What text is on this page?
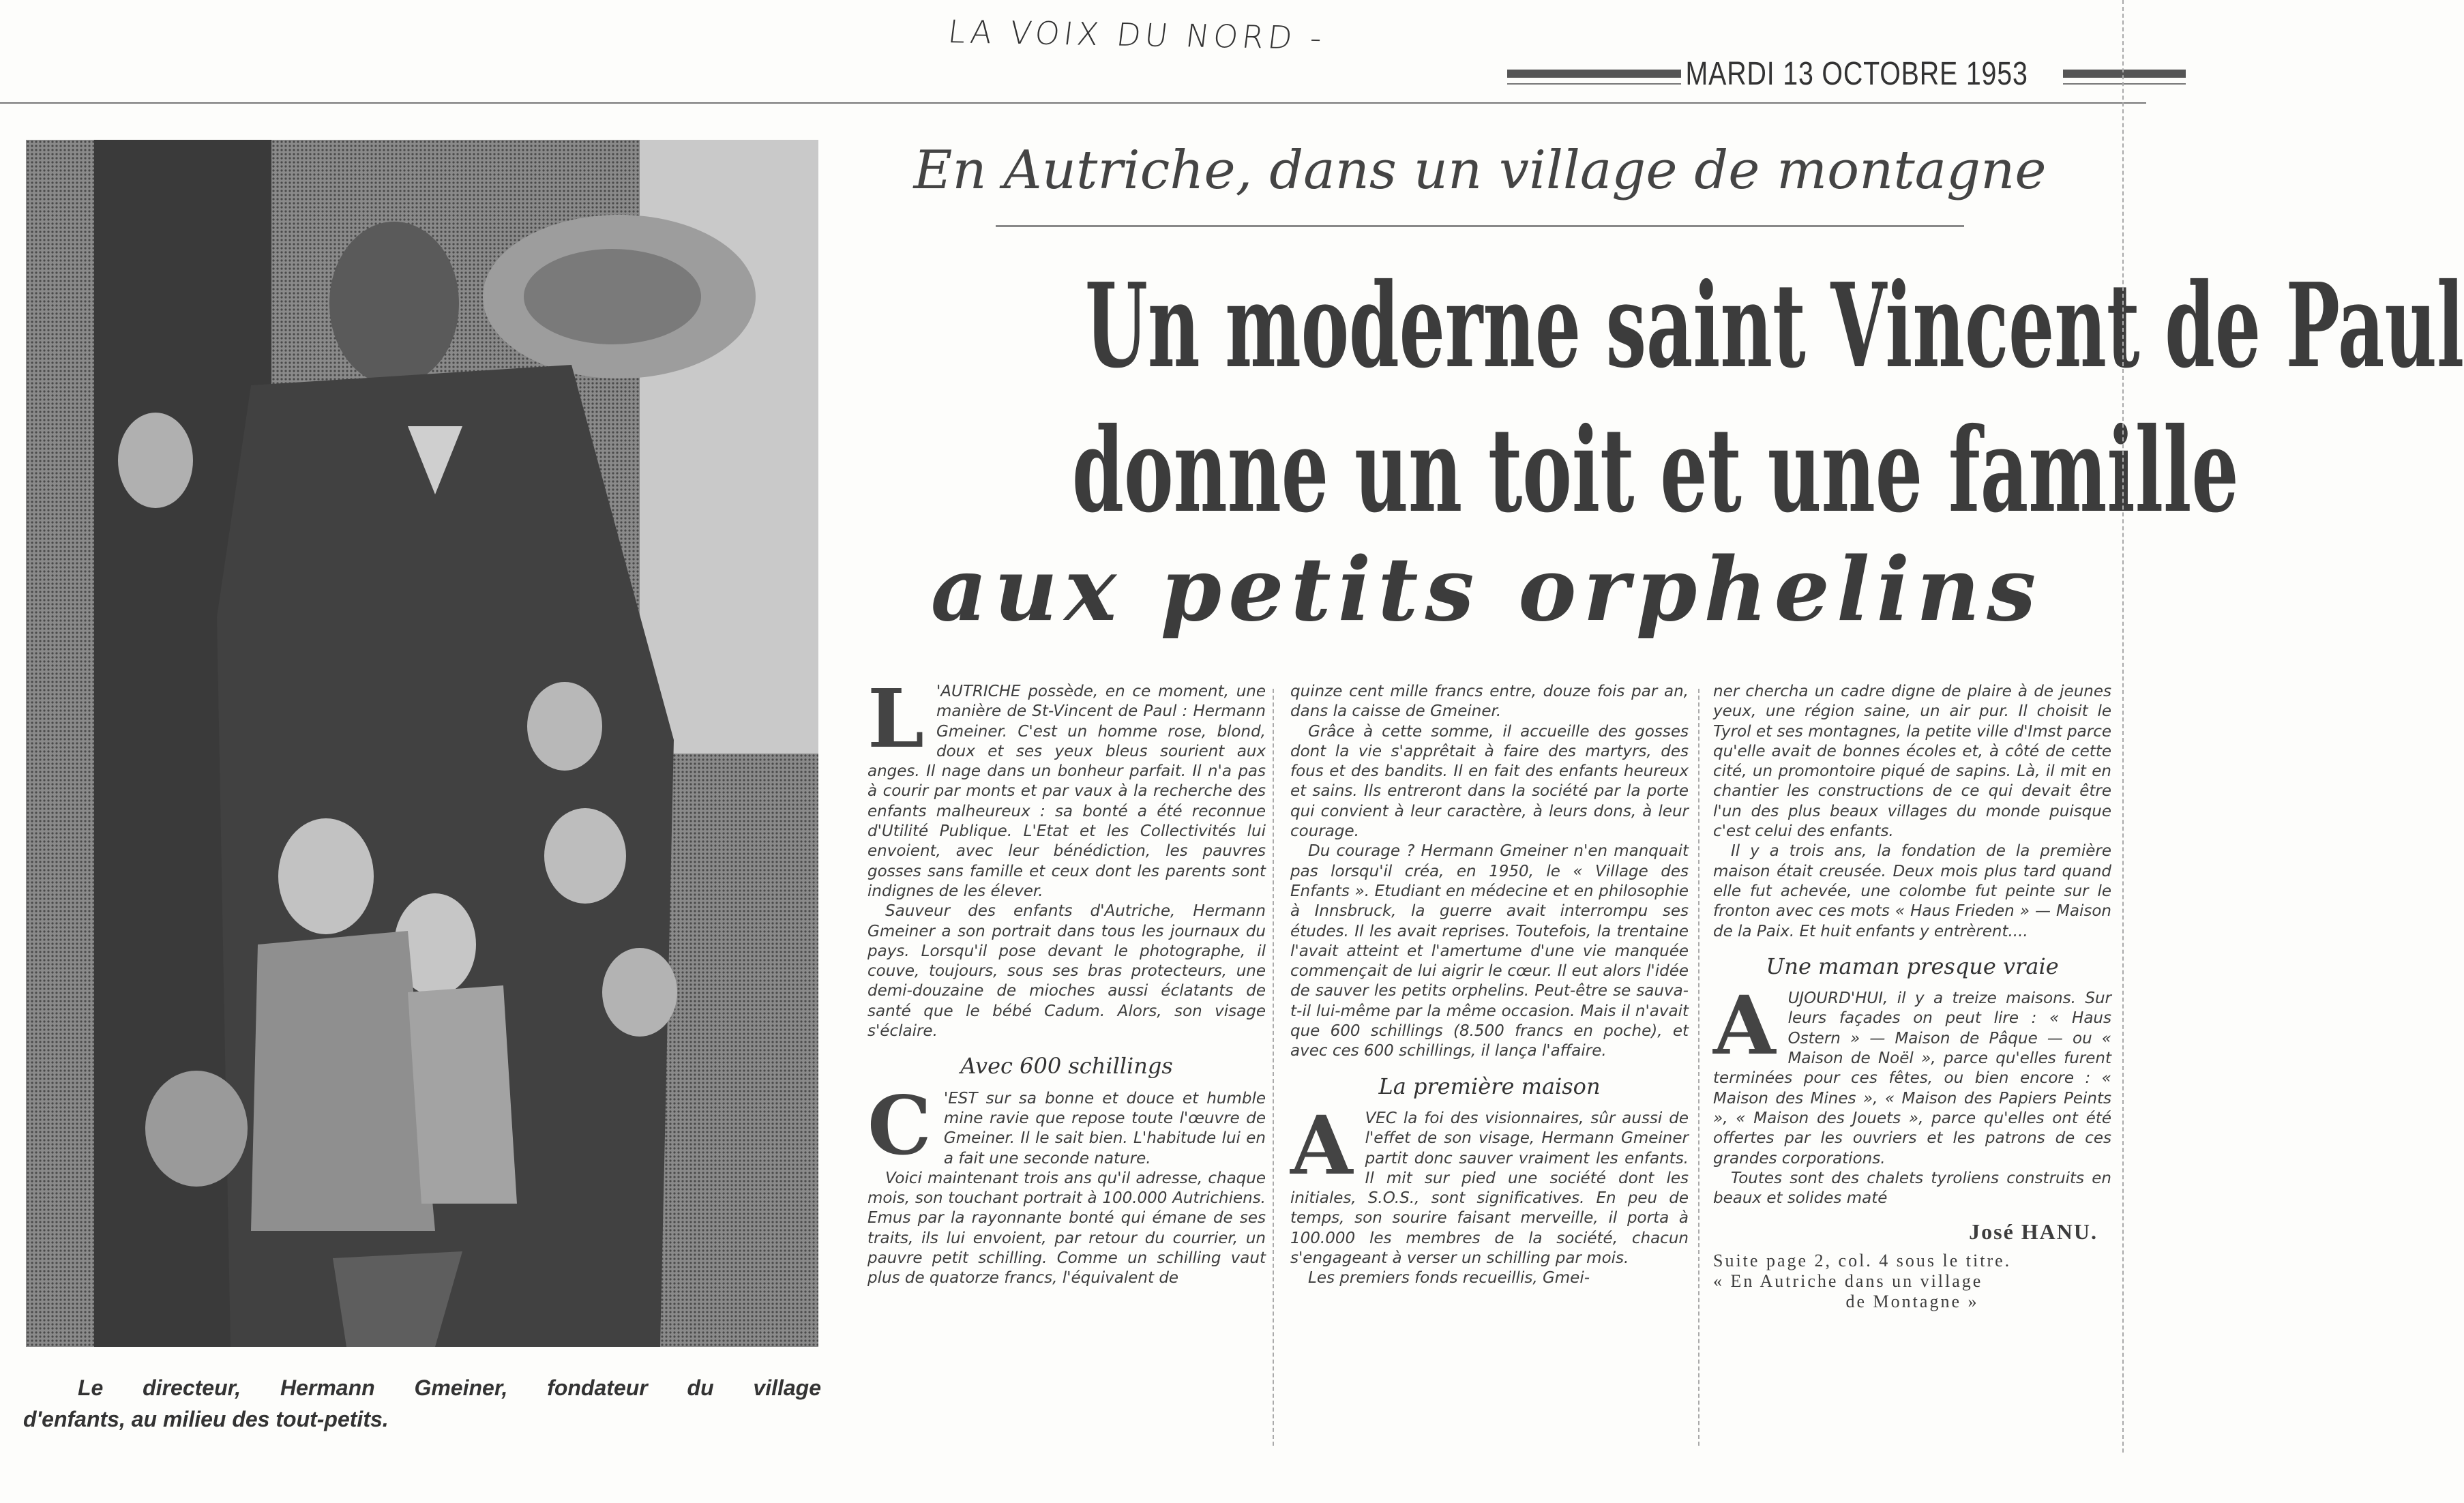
LA VOIX DU NORD -
MARDI 13 OCTOBRE 1953
Le directeur, Hermann Gmeiner, fondateur du village
d'enfants, au milieu des tout-petits.
En Autriche, dans un village de montagne
Un moderne saint Vincent de Paul
donne un toit et une famille
aux petits orphelins

L 'AUTRICHE possède, en ce moment, une manière de St-Vincent de Paul : Hermann Gmeiner. C'est un homme rose, blond, doux et ses yeux bleus sourient aux anges. Il nage dans un bonheur parfait. Il n'a pas à courir par monts et par vaux à la recherche des enfants malheureux : sa bonté a été reconnue d'Utilité Publique. L'Etat et les Collectivités lui envoient, avec leur bénédiction, les pauvres gosses sans famille et ceux dont les parents sont indignes de les élever.

Sauveur des enfants d'Autriche, Hermann Gmeiner a son portrait dans tous les journaux du pays. Lorsqu'il pose devant le photographe, il couve, toujours, sous ses bras protecteurs, une demi-douzaine de mioches aussi éclatants de santé que le bébé Cadum. Alors, son visage s'éclaire.

Avec 600 schillings

C 'EST sur sa bonne et douce et humble mine ravie que repose toute l'œuvre de Gmeiner. Il le sait bien. L'habitude lui en a fait une seconde nature.

Voici maintenant trois ans qu'il adresse, chaque mois, son touchant portrait à 100.000 Autrichiens. Emus par la rayonnante bonté qui émane de ses traits, ils lui envoient, par retour du courrier, un pauvre petit schilling. Comme un schilling vaut plus de quatorze francs, l'équivalent de

quinze cent mille francs entre, douze fois par an, dans la caisse de Gmeiner.

Grâce à cette somme, il accueille des gosses dont la vie s'apprêtait à faire des martyrs, des fous et des bandits. Il en fait des enfants heureux et sains. Ils entreront dans la société par la porte qui convient à leur caractère, à leurs dons, à leur courage.

Du courage ? Hermann Gmeiner n'en manquait pas lorsqu'il créa, en 1950, le « Village des Enfants ». Etudiant en médecine et en philosophie à Innsbruck, la guerre avait interrompu ses études. Il les avait reprises. Toutefois, la trentaine l'avait atteint et l'amertume d'une vie manquée commençait de lui aigrir le cœur. Il eut alors l'idée de sauver les petits orphelins. Peut-être se sauva-t-il lui-même par la même occasion. Mais il n'avait que 600 schillings (8.500 francs en poche), et avec ces 600 schillings, il lança l'affaire.

La première maison

AVEC la foi des visionnaires, sûr aussi de l'effet de son visage, Hermann Gmeiner partit donc sauver vraiment les enfants. Il mit sur pied une société dont les initiales, S.O.S., sont significatives. En peu de temps, son sourire faisant merveille, il porta à 100.000 les membres de la société, chacun s'engageant à verser un schilling par mois.

Les premiers fonds recueillis, Gmei-

ner chercha un cadre digne de plaire à de jeunes yeux, une région saine, un air pur. Il choisit le Tyrol et ses montagnes, la petite ville d'Imst parce qu'elle avait de bonnes écoles et, à côté de cette cité, un promontoire piqué de sapins. Là, il mit en chantier les constructions de ce qui devait être l'un des plus beaux villages du monde puisque c'est celui des enfants.

Il y a trois ans, la fondation de la première maison était creusée. Deux mois plus tard quand elle fut achevée, une colombe fut peinte sur le fronton avec ces mots « Haus Frieden » — Maison de la Paix. Et huit enfants y entrèrent....

Une maman presque vraie

AUJOURD'HUI, il y a treize maisons. Sur leurs façades on peut lire : « Haus Ostern » — Maison de Pâque — ou « Maison de Noël », parce qu'elles furent terminées pour ces fêtes, ou bien encore : « Maison des Mines », « Maison des Papiers Peints », « Maison des Jouets », parce qu'elles ont été offertes par les ouvriers et les patrons de ces grandes corporations.

Toutes sont des chalets tyroliens construits en beaux et solides maté

José HANU.
Suite page 2, col. 4 sous le titre.
« En Autriche dans un village
de Montagne »
